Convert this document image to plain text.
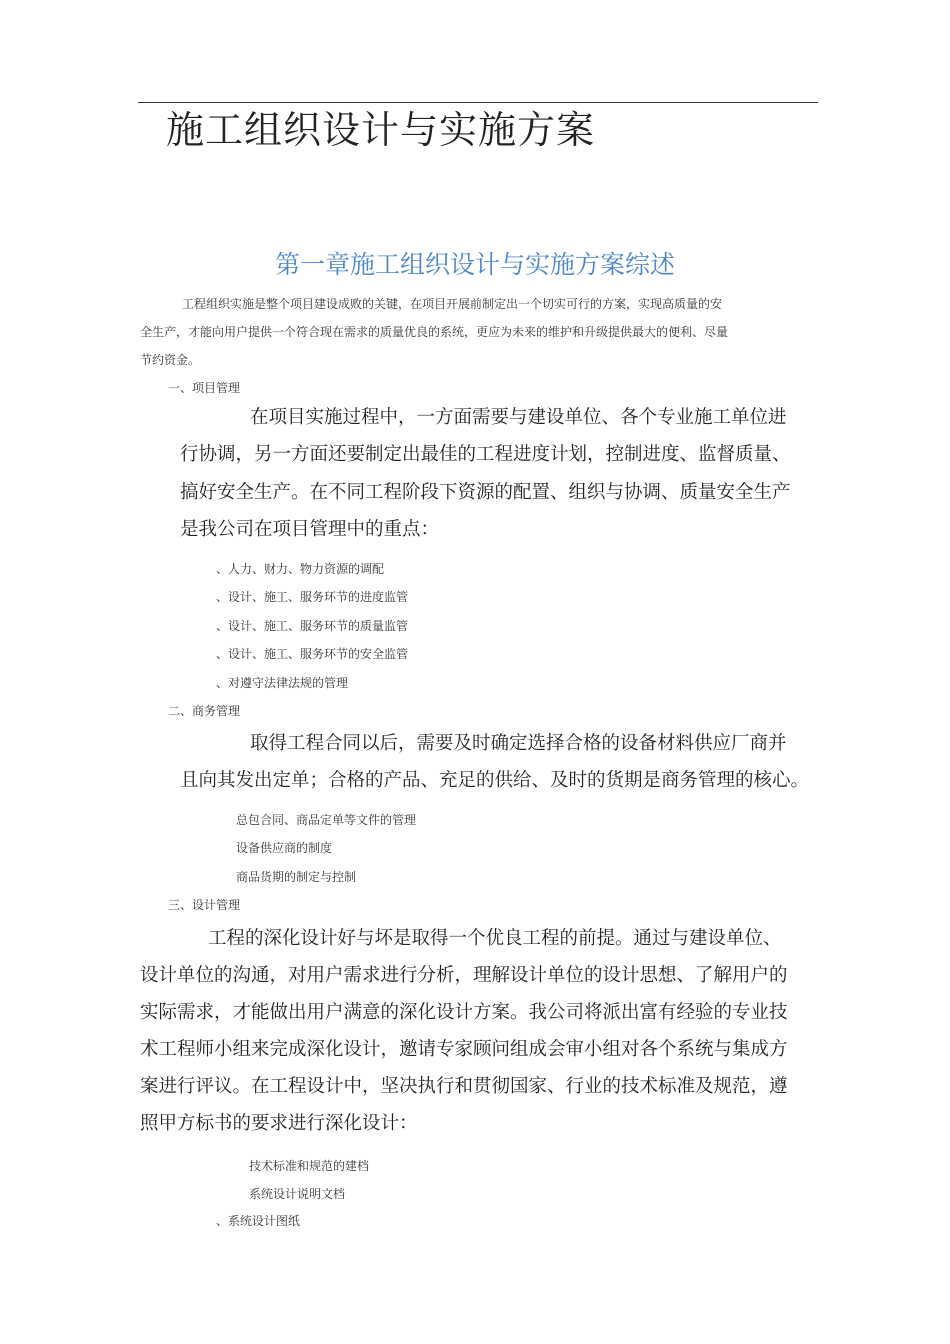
施工组织设计与实施方案
第一章施工组织设计与实施方案综述
工程组织实施是整个项目建设成败的关键，在项目开展前制定出一个切实可行的方案，实现高质量的安
全生产，才能向用户提供一个符合现在需求的质量优良的系统，更应为未来的维护和升级提供最大的便利、尽量
节约资金。
一、项目管理
在项目实施过程中，一方面需要与建设单位、各个专业施工单位进
行协调，另一方面还要制定出最佳的工程进度计划，控制进度、监督质量、
搞好安全生产。在不同工程阶段下资源的配置、组织与协调、质量安全生产
是我公司在项目管理中的重点：
、人力、财力、物力资源的调配
、设计、施工、服务环节的进度监管
、设计、施工、服务环节的质量监管
、设计、施工、服务环节的安全监管
、对遵守法律法规的管理
二、商务管理
取得工程合同以后，需要及时确定选择合格的设备材料供应厂商并
且向其发出定单；合格的产品、充足的供给、及时的货期是商务管理的核心。
总包合同、商品定单等文件的管理
设备供应商的制度
商品货期的制定与控制
三、设计管理
工程的深化设计好与坏是取得一个优良工程的前提。通过与建设单位、
设计单位的沟通，对用户需求进行分析，理解设计单位的设计思想、了解用户的
实际需求，才能做出用户满意的深化设计方案。我公司将派出富有经验的专业技
术工程师小组来完成深化设计，邀请专家顾问组成会审小组对各个系统与集成方
案进行评议。在工程设计中，坚决执行和贯彻国家、行业的技术标准及规范，遵
照甲方标书的要求进行深化设计：
技术标准和规范的建档
系统设计说明文档
、系统设计图纸
